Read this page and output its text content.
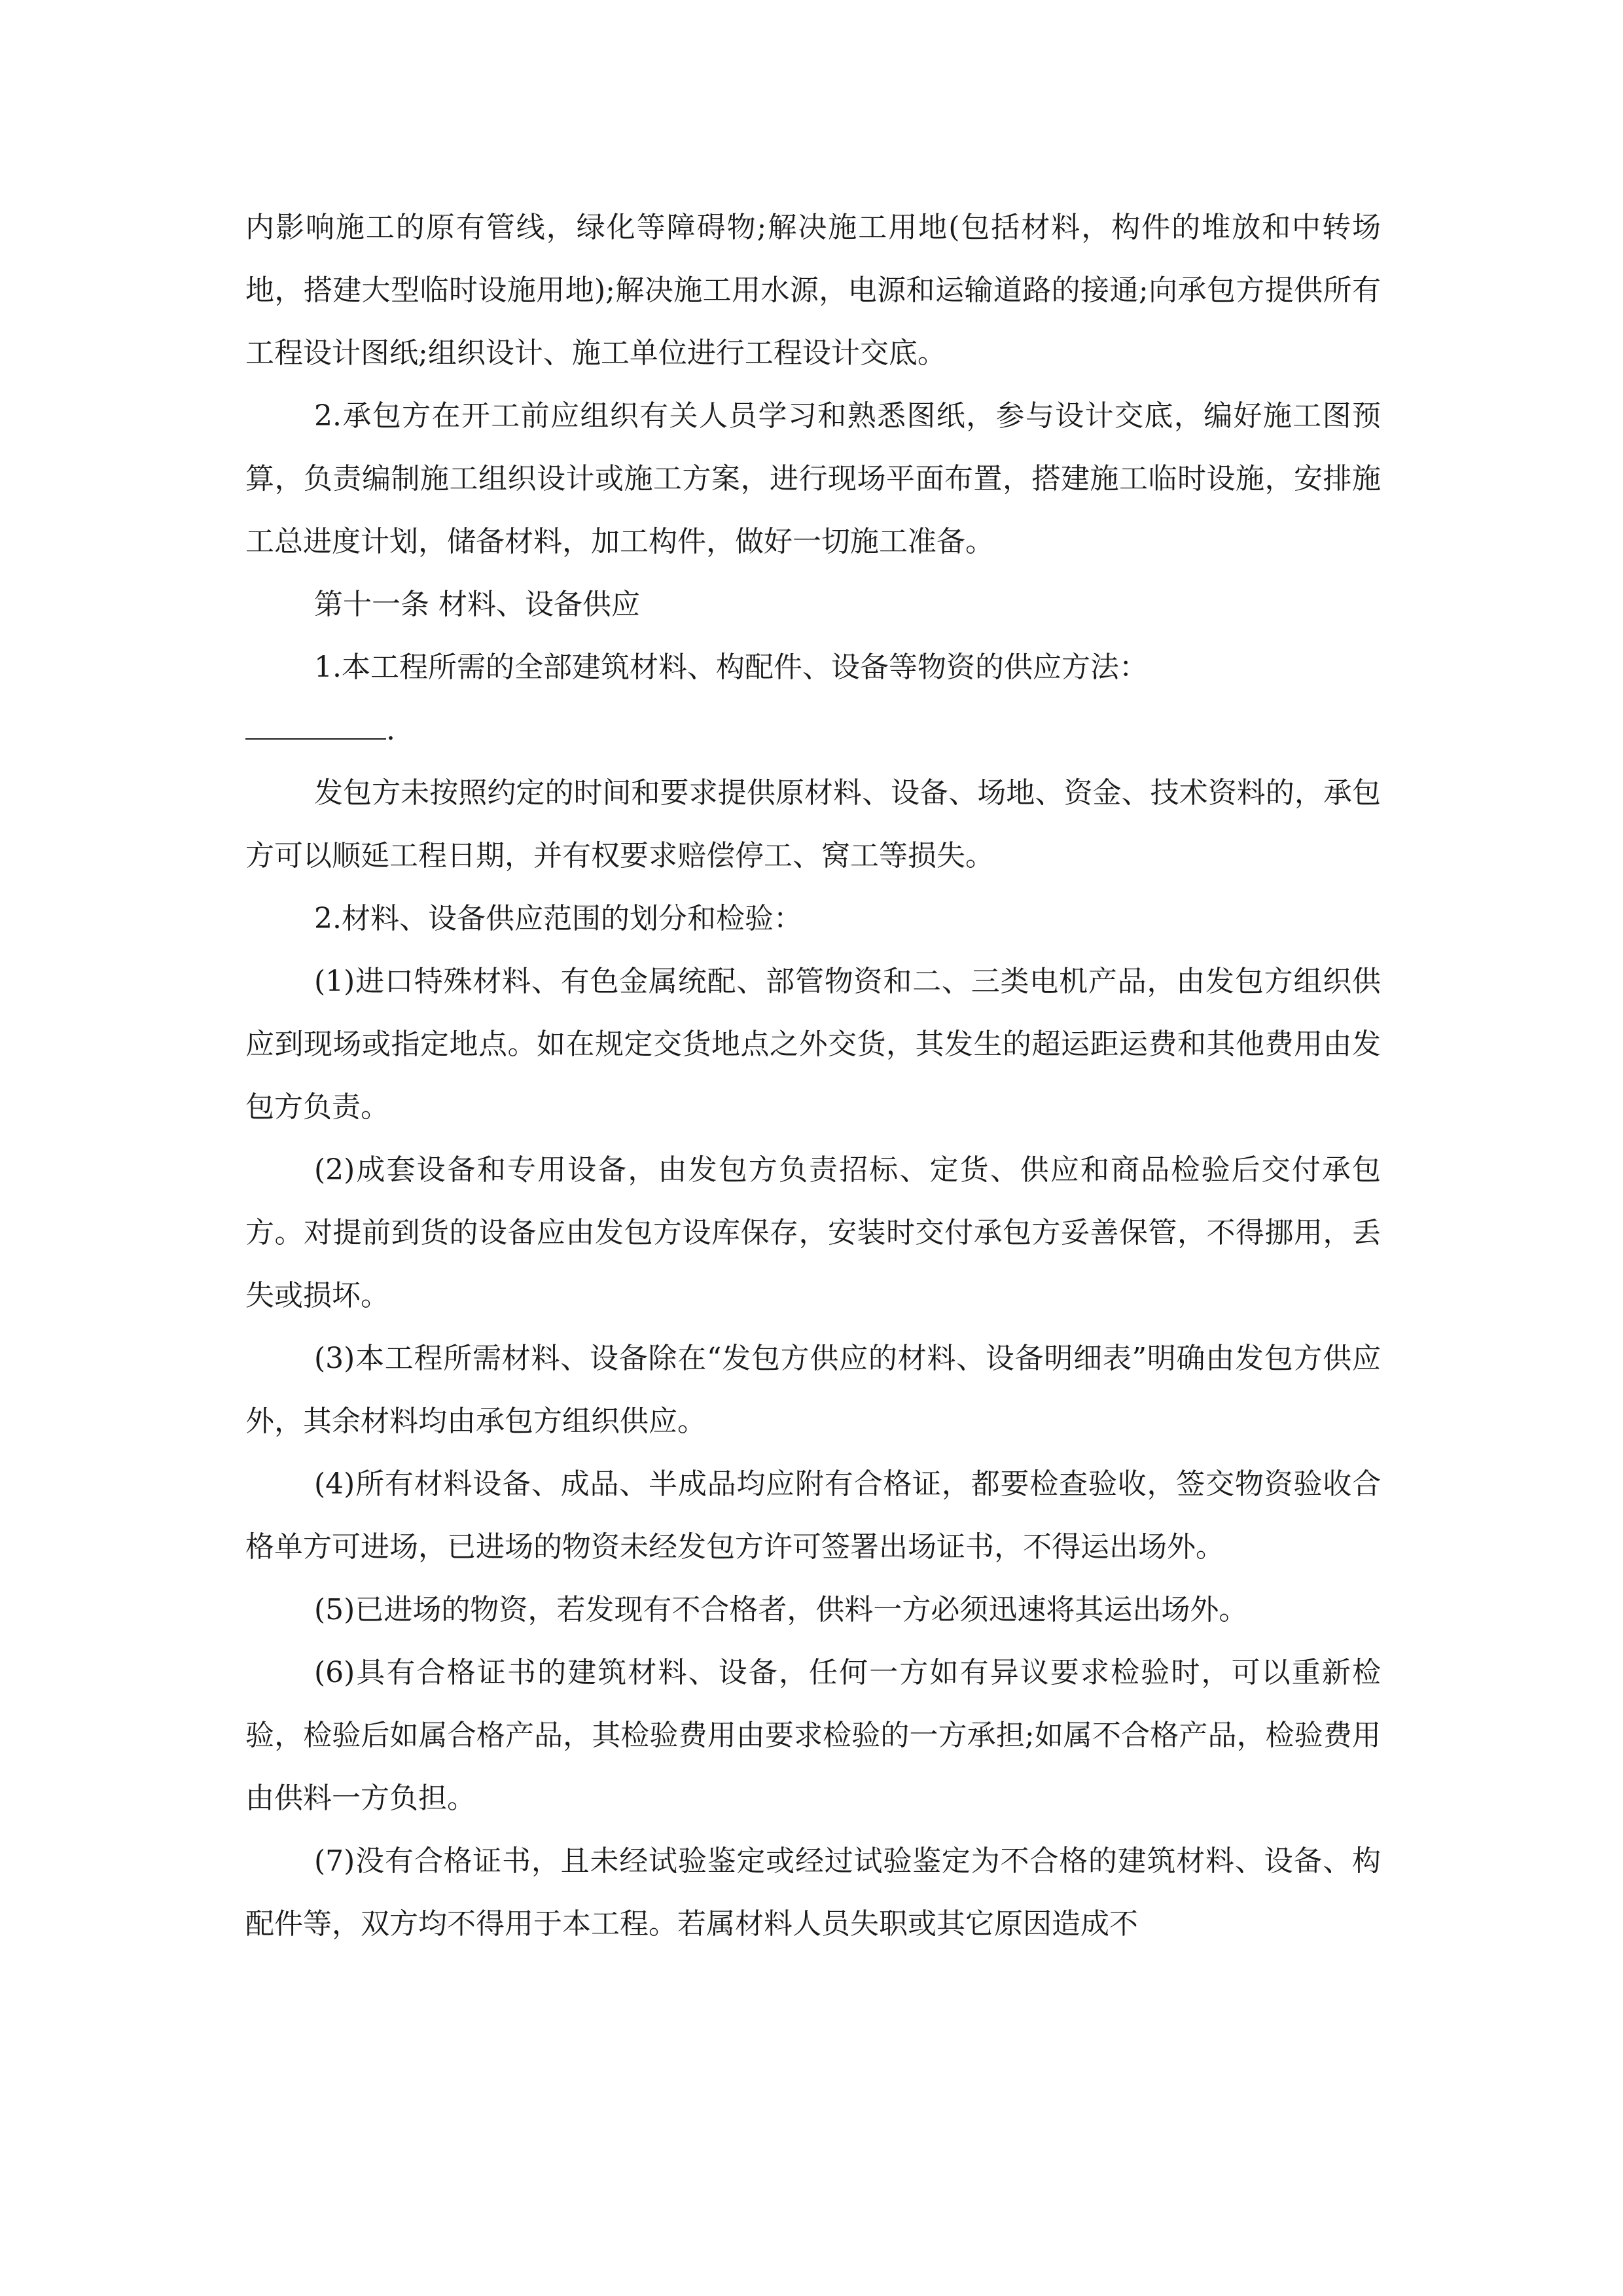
内影响施工的原有管线，绿化等障碍物;解决施工用地(包括材料，构件的堆放和中转场地，搭建大型临时设施用地);解决施工用水源，电源和运输道路的接通;向承包方提供所有工程设计图纸;组织设计、施工单位进行工程设计交底。

2.承包方在开工前应组织有关人员学习和熟悉图纸，参与设计交底，编好施工图预算，负责编制施工组织设计或施工方案，进行现场平面布置，搭建施工临时设施，安排施工总进度计划，储备材料，加工构件，做好一切施工准备。

第十一条 材料、设备供应

1.本工程所需的全部建筑材料、构配件、设备等物资的供应方法：

.

发包方未按照约定的时间和要求提供原材料、设备、场地、资金、技术资料的，承包方可以顺延工程日期，并有权要求赔偿停工、窝工等损失。

2.材料、设备供应范围的划分和检验：

(1)进口特殊材料、有色金属统配、部管物资和二、三类电机产品，由发包方组织供应到现场或指定地点。如在规定交货地点之外交货，其发生的超运距运费和其他费用由发包方负责。

(2)成套设备和专用设备，由发包方负责招标、定货、供应和商品检验后交付承包方。对提前到货的设备应由发包方设库保存，安装时交付承包方妥善保管，不得挪用，丢失或损坏。

(3)本工程所需材料、设备除在“发包方供应的材料、设备明细表”明确由发包方供应外，其余材料均由承包方组织供应。

(4)所有材料设备、成品、半成品均应附有合格证，都要检查验收，签交物资验收合格单方可进场，已进场的物资未经发包方许可签署出场证书，不得运出场外。

(5)已进场的物资，若发现有不合格者，供料一方必须迅速将其运出场外。

(6)具有合格证书的建筑材料、设备，任何一方如有异议要求检验时，可以重新检验，检验后如属合格产品，其检验费用由要求检验的一方承担;如属不合格产品，检验费用由供料一方负担。

(7)没有合格证书，且未经试验鉴定或经过试验鉴定为不合格的建筑材料、设备、构配件等，双方均不得用于本工程。若属材料人员失职或其它原因造成不
